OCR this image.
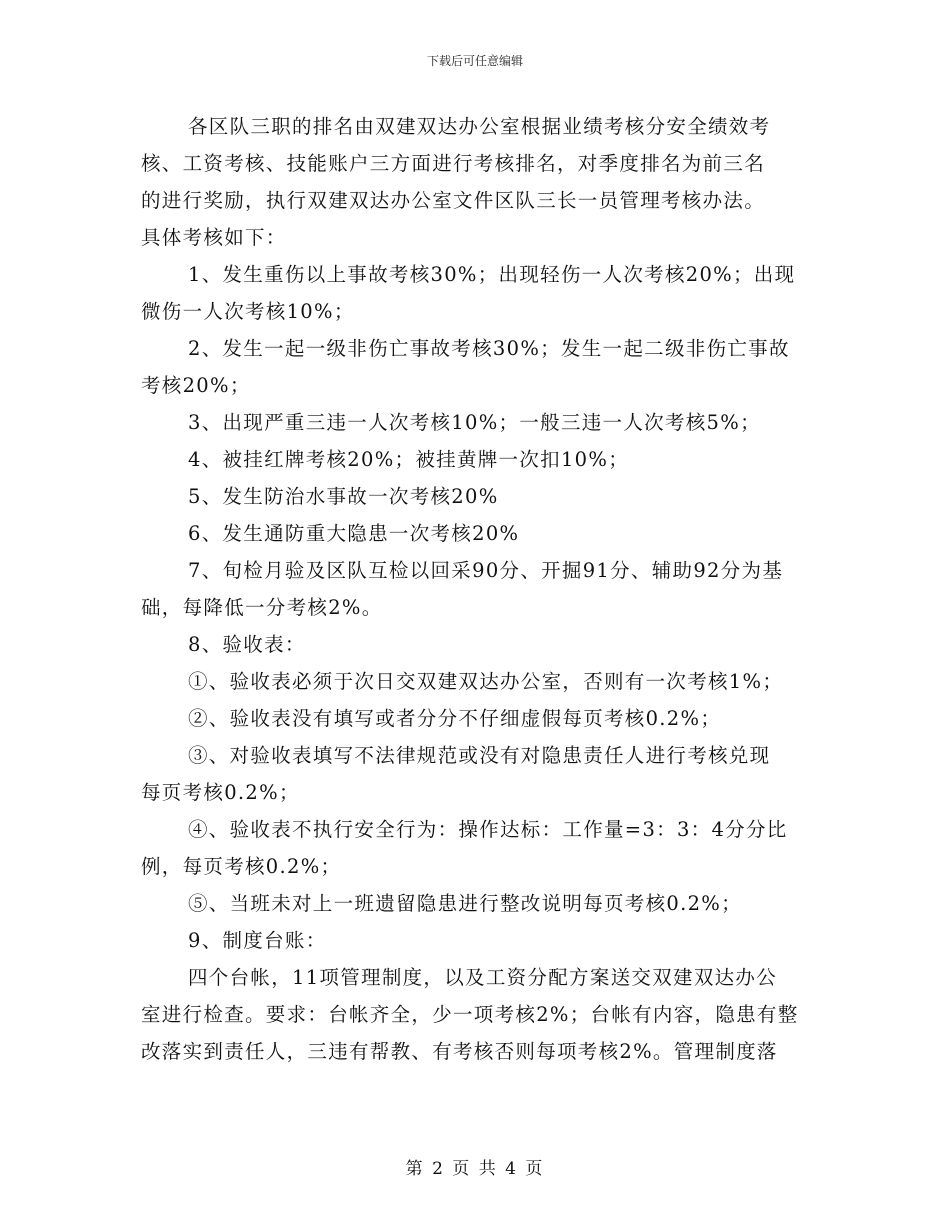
下载后可任意编辑

各区队三职的排名由双建双达办公室根据业绩考核分安全绩效考

核、工资考核、技能账户三方面进行考核排名，对季度排名为前三名

的进行奖励，执行双建双达办公室文件区队三长一员管理考核办法。

具体考核如下：

1、发生重伤以上事故考核30%；出现轻伤一人次考核20%；出现

微伤一人次考核10%；

2、发生一起一级非伤亡事故考核30%；发生一起二级非伤亡事故

考核20%；

3、出现严重三违一人次考核10%；一般三违一人次考核5%；

4、被挂红牌考核20%；被挂黄牌一次扣10%；

5、发生防治水事故一次考核20%

6、发生通防重大隐患一次考核20%

7、旬检月验及区队互检以回采90分、开掘91分、辅助92分为基

础，每降低一分考核2%。

8、验收表：

①、验收表必须于次日交双建双达办公室，否则有一次考核1%；

②、验收表没有填写或者分分不仔细虚假每页考核0.2%；

③、对验收表填写不法律规范或没有对隐患责任人进行考核兑现

每页考核0.2%；

④、验收表不执行安全行为：操作达标：工作量=3：3：4分分比

例，每页考核0.2%；

⑤、当班未对上一班遗留隐患进行整改说明每页考核0.2%；

9、制度台账：

四个台帐，11项管理制度，以及工资分配方案送交双建双达办公

室进行检查。要求：台帐齐全，少一项考核2%；台帐有内容，隐患有整

改落实到责任人，三违有帮教、有考核否则每项考核2%。管理制度落

第 2 页 共 4 页
